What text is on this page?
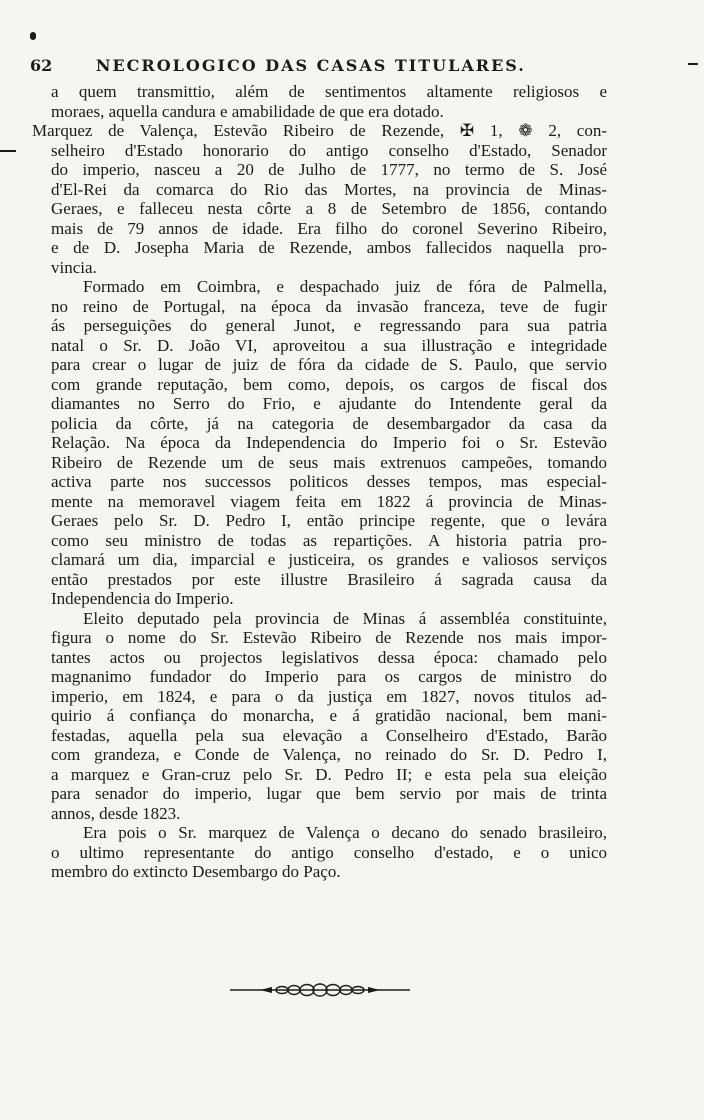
62	NECROLOGICO DAS CASAS TITULARES.
a quem transmittio, além de sentimentos altamente religiosos e
moraes, aquella candura e amabilidade de que era dotado.
Marquez de Valença, Estevão Ribeiro de Rezende, ✠ 1, ❁ 2, con-
selheiro d'Estado honorario do antigo conselho d'Estado, Senador
do imperio, nasceu a 20 de Julho de 1777, no termo de S. José
d'El-Rei da comarca do Rio das Mortes, na provincia de Minas-
Geraes, e falleceu nesta côrte a 8 de Setembro de 1856, contando
mais de 79 annos de idade. Era filho do coronel Severino Ribeiro,
e de D. Josepha Maria de Rezende, ambos fallecidos naquella pro-
vincia.
Formado em Coimbra, e despachado juiz de fóra de Palmella,
no reino de Portugal, na época da invasão franceza, teve de fugir
ás perseguições do general Junot, e regressando para sua patria
natal o Sr. D. João VI, aproveitou a sua illustração e integridade
para crear o lugar de juiz de fóra da cidade de S. Paulo, que servio
com grande reputação, bem como, depois, os cargos de fiscal dos
diamantes no Serro do Frio, e ajudante do Intendente geral da
policia da côrte, já na categoria de desembargador da casa da
Relação. Na época da Independencia do Imperio foi o Sr. Estevão
Ribeiro de Rezende um de seus mais extrenuos campeões, tomando
activa parte nos successos politicos desses tempos, mas especial-
mente na memoravel viagem feita em 1822 á provincia de Minas-
Geraes pelo Sr. D. Pedro I, então principe regente, que o levára
como seu ministro de todas as repartições. A historia patria pro-
clamará um dia, imparcial e justiceira, os grandes e valiosos serviços
então prestados por este illustre Brasileiro á sagrada causa da
Independencia do Imperio.
Eleito deputado pela provincia de Minas á assembléa constituinte,
figura o nome do Sr. Estevão Ribeiro de Rezende nos mais impor-
tantes actos ou projectos legislativos dessa época: chamado pelo
magnanimo fundador do Imperio para os cargos de ministro do
imperio, em 1824, e para o da justiça em 1827, novos titulos ad-
quirio á confiança do monarcha, e á gratidão nacional, bem mani-
festadas, aquella pela sua elevação a Conselheiro d'Estado, Barão
com grandeza, e Conde de Valença, no reinado do Sr. D. Pedro I,
a marquez e Gran-cruz pelo Sr. D. Pedro II; e esta pela sua eleição
para senador do imperio, lugar que bem servio por mais de trinta
annos, desde 1823.
Era pois o Sr. marquez de Valença o decano do senado brasileiro,
o ultimo representante do antigo conselho d'estado, e o unico
membro do extincto Desembargo do Paço.
